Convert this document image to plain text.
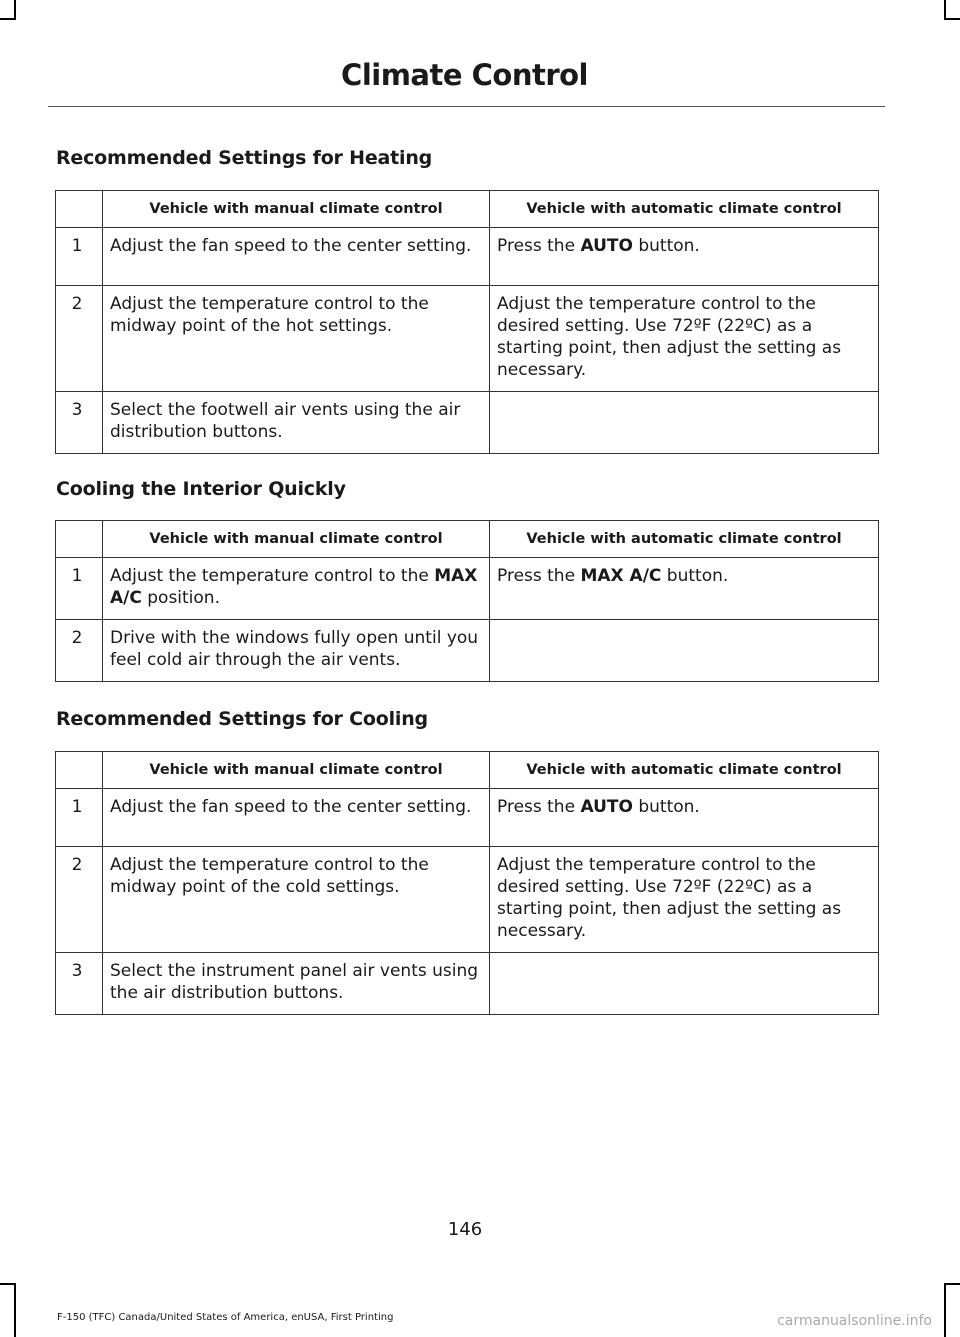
Climate Control
Recommended Settings for Heating
	Vehicle with manual climate control	Vehicle with automatic climate control
1	Adjust the fan speed to the center setting.	Press the AUTO button.
2	Adjust the temperature control to the midway point of the hot settings.	Adjust the temperature control to the desired setting. Use 72ºF (22ºC) as a starting point, then adjust the setting as necessary.
3	Select the footwell air vents using the air distribution buttons.	
Cooling the Interior Quickly
	Vehicle with manual climate control	Vehicle with automatic climate control
1	Adjust the temperature control to the MAX A/C position.	Press the MAX A/C button.
2	Drive with the windows fully open until you feel cold air through the air vents.	
Recommended Settings for Cooling
	Vehicle with manual climate control	Vehicle with automatic climate control
1	Adjust the fan speed to the center setting.	Press the AUTO button.
2	Adjust the temperature control to the midway point of the cold settings.	Adjust the temperature control to the desired setting. Use 72ºF (22ºC) as a starting point, then adjust the setting as necessary.
3	Select the instrument panel air vents using the air distribution buttons.	
146
F-150 (TFC) Canada/United States of America, enUSA, First Printing	carmanualsonline.info
